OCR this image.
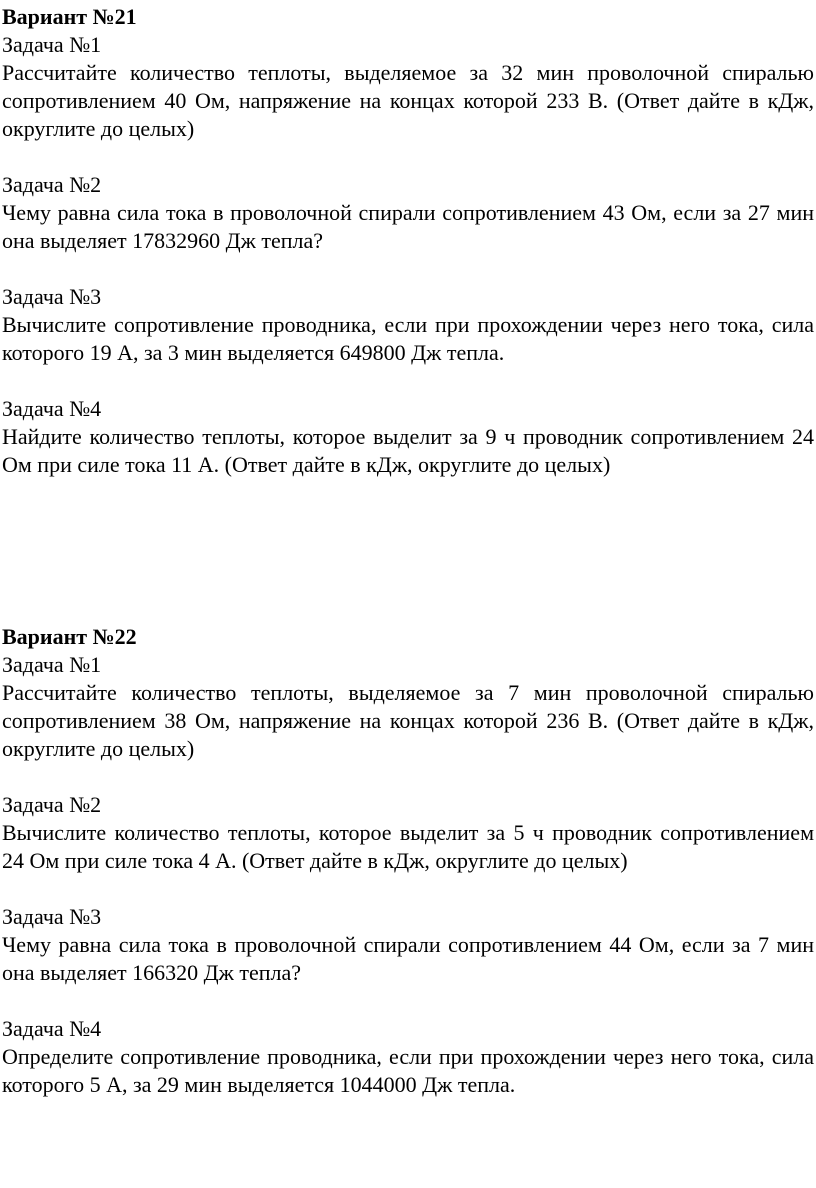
Вариант №21
Задача №1
Рассчитайте количество теплоты, выделяемое за 32 мин проволочной спиралью сопротивлением 40 Ом, напряжение на концах которой 233 В. (Ответ дайте в кДж, округлите до целых)
Задача №2
Чему равна сила тока в проволочной спирали сопротивлением 43 Ом, если за 27 мин она выделяет 17832960 Дж тепла?
Задача №3
Вычислите сопротивление проводника, если при прохождении через него тока, сила которого 19 А, за 3 мин выделяется 649800 Дж тепла.
Задача №4
Найдите количество теплоты, которое выделит за 9 ч проводник сопротивлением 24 Ом при силе тока 11 А. (Ответ дайте в кДж, округлите до целых)
Вариант №22
Задача №1
Рассчитайте количество теплоты, выделяемое за 7 мин проволочной спиралью сопротивлением 38 Ом, напряжение на концах которой 236 В. (Ответ дайте в кДж, округлите до целых)
Задача №2
Вычислите количество теплоты, которое выделит за 5 ч проводник сопротивлением 24 Ом при силе тока 4 А. (Ответ дайте в кДж, округлите до целых)
Задача №3
Чему равна сила тока в проволочной спирали сопротивлением 44 Ом, если за 7 мин она выделяет 166320 Дж тепла?
Задача №4
Определите сопротивление проводника, если при прохождении через него тока, сила которого 5 А, за 29 мин выделяется 1044000 Дж тепла.
